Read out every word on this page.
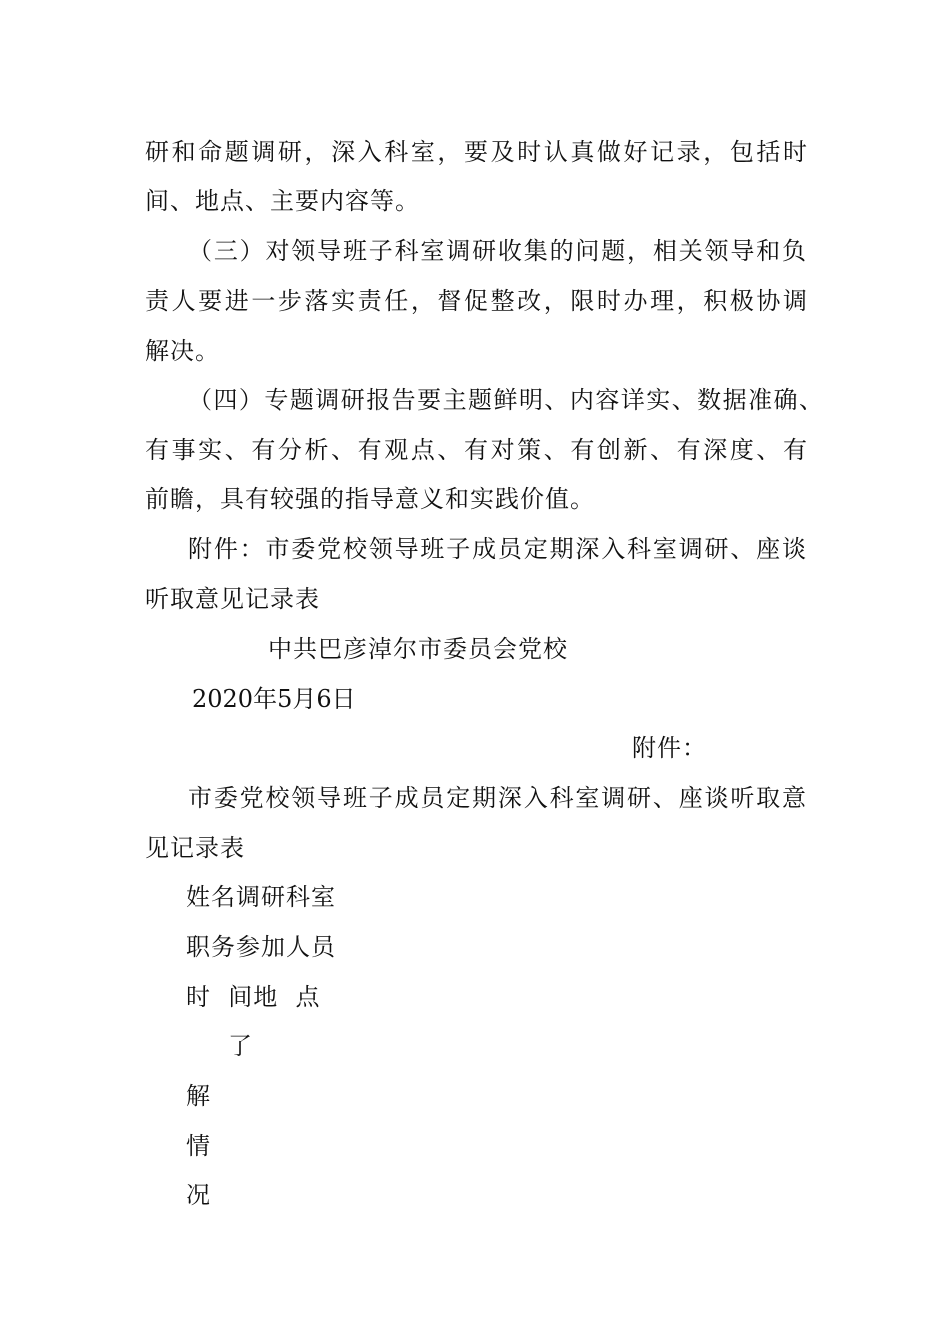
研和命题调研，深入科室，要及时认真做好记录，包括时
间、地点、主要内容等。
（三）对领导班子科室调研收集的问题，相关领导和负
责人要进一步落实责任，督促整改，限时办理，积极协调
解决。
（四）专题调研报告要主题鲜明、内容详实、数据准确、
有事实、有分析、有观点、有对策、有创新、有深度、有
前瞻，具有较强的指导意义和实践价值。
附件：市委党校领导班子成员定期深入科室调研、座谈
听取意见记录表
中共巴彦淖尔市委员会党校
2020年5月6日
附件：
市委党校领导班子成员定期深入科室调研、座谈听取意
见记录表
姓名调研科室
职务参加人员
时  间地  点
了
解
情
况
